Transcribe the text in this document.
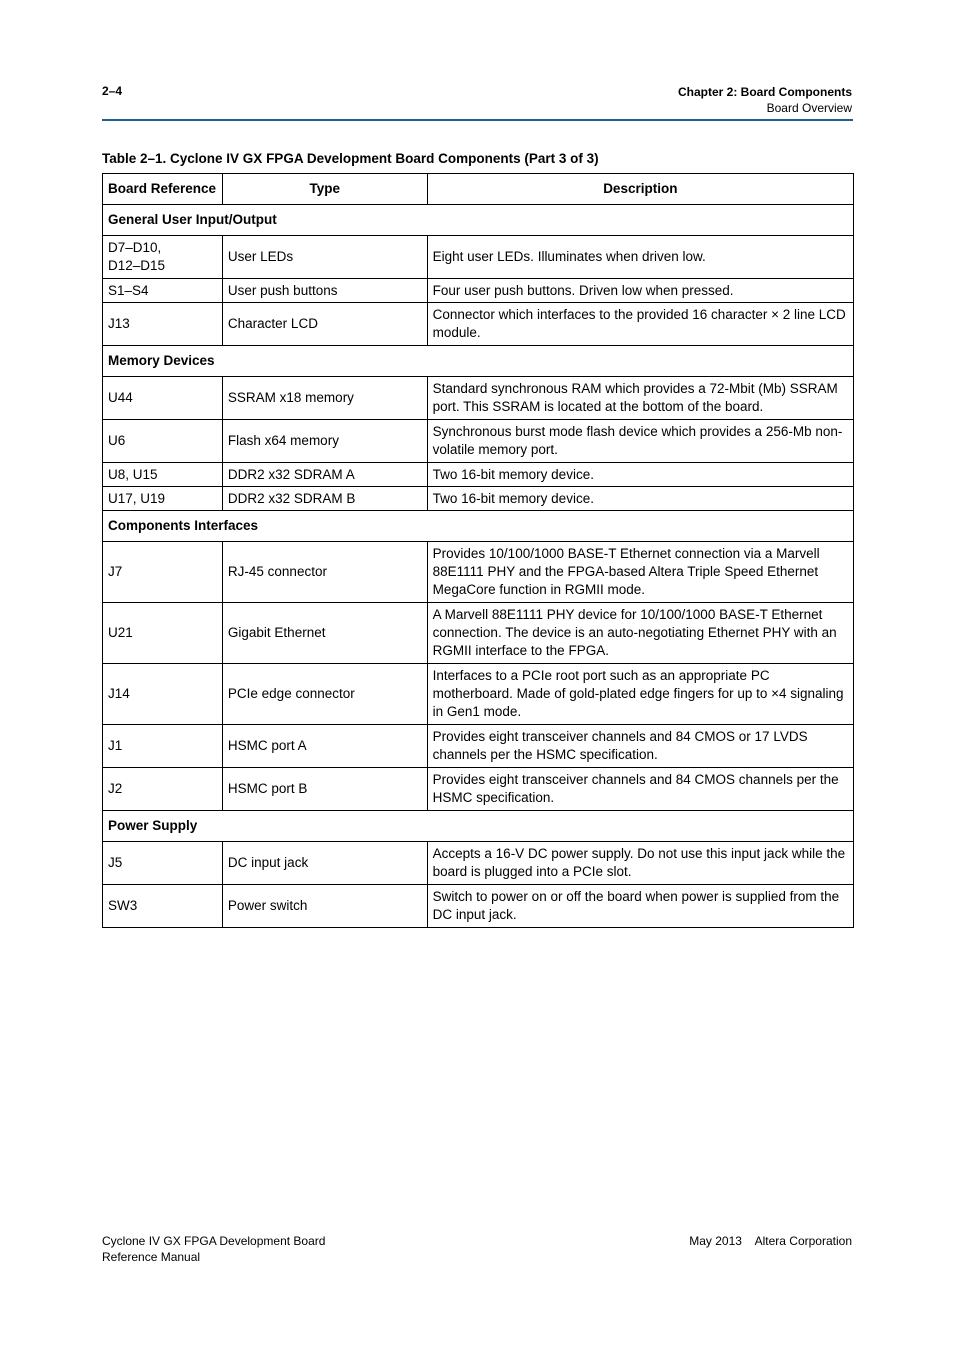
2–4	Chapter 2: Board Components
Board Overview
Table 2–1. Cyclone IV GX FPGA Development Board Components (Part 3 of 3)
Board Reference	Type	Description
General User Input/Output		
D7–D10,
D12–D15	User LEDs	Eight user LEDs. Illuminates when driven low.
S1–S4	User push buttons	Four user push buttons. Driven low when pressed.
J13	Character LCD	Connector which interfaces to the provided 16 character × 2 line LCD module.
Memory Devices		
U44	SSRAM x18 memory	Standard synchronous RAM which provides a 72-Mbit (Mb) SSRAM port. This SSRAM is located at the bottom of the board.
U6	Flash x64 memory	Synchronous burst mode flash device which provides a 256-Mb non-volatile memory port.
U8, U15	DDR2 x32 SDRAM A	Two 16-bit memory device.
U17, U19	DDR2 x32 SDRAM B	Two 16-bit memory device.
Components Interfaces		
J7	RJ-45 connector	Provides 10/100/1000 BASE-T Ethernet connection via a Marvell 88E1111 PHY and the FPGA-based Altera Triple Speed Ethernet MegaCore function in RGMII mode.
U21	Gigabit Ethernet	A Marvell 88E1111 PHY device for 10/100/1000 BASE-T Ethernet connection. The device is an auto-negotiating Ethernet PHY with an RGMII interface to the FPGA.
J14	PCIe edge connector	Interfaces to a PCIe root port such as an appropriate PC motherboard. Made of gold-plated edge fingers for up to ×4 signaling in Gen1 mode.
J1	HSMC port A	Provides eight transceiver channels and 84 CMOS or 17 LVDS channels per the HSMC specification.
J2	HSMC port B	Provides eight transceiver channels and 84 CMOS channels per the HSMC specification.
Power Supply		
J5	DC input jack	Accepts a 16-V DC power supply. Do not use this input jack while the board is plugged into a PCIe slot.
SW3	Power switch	Switch to power on or off the board when power is supplied from the DC input jack.
Cyclone IV GX FPGA Development Board
Reference Manual
May 2013    Altera Corporation
